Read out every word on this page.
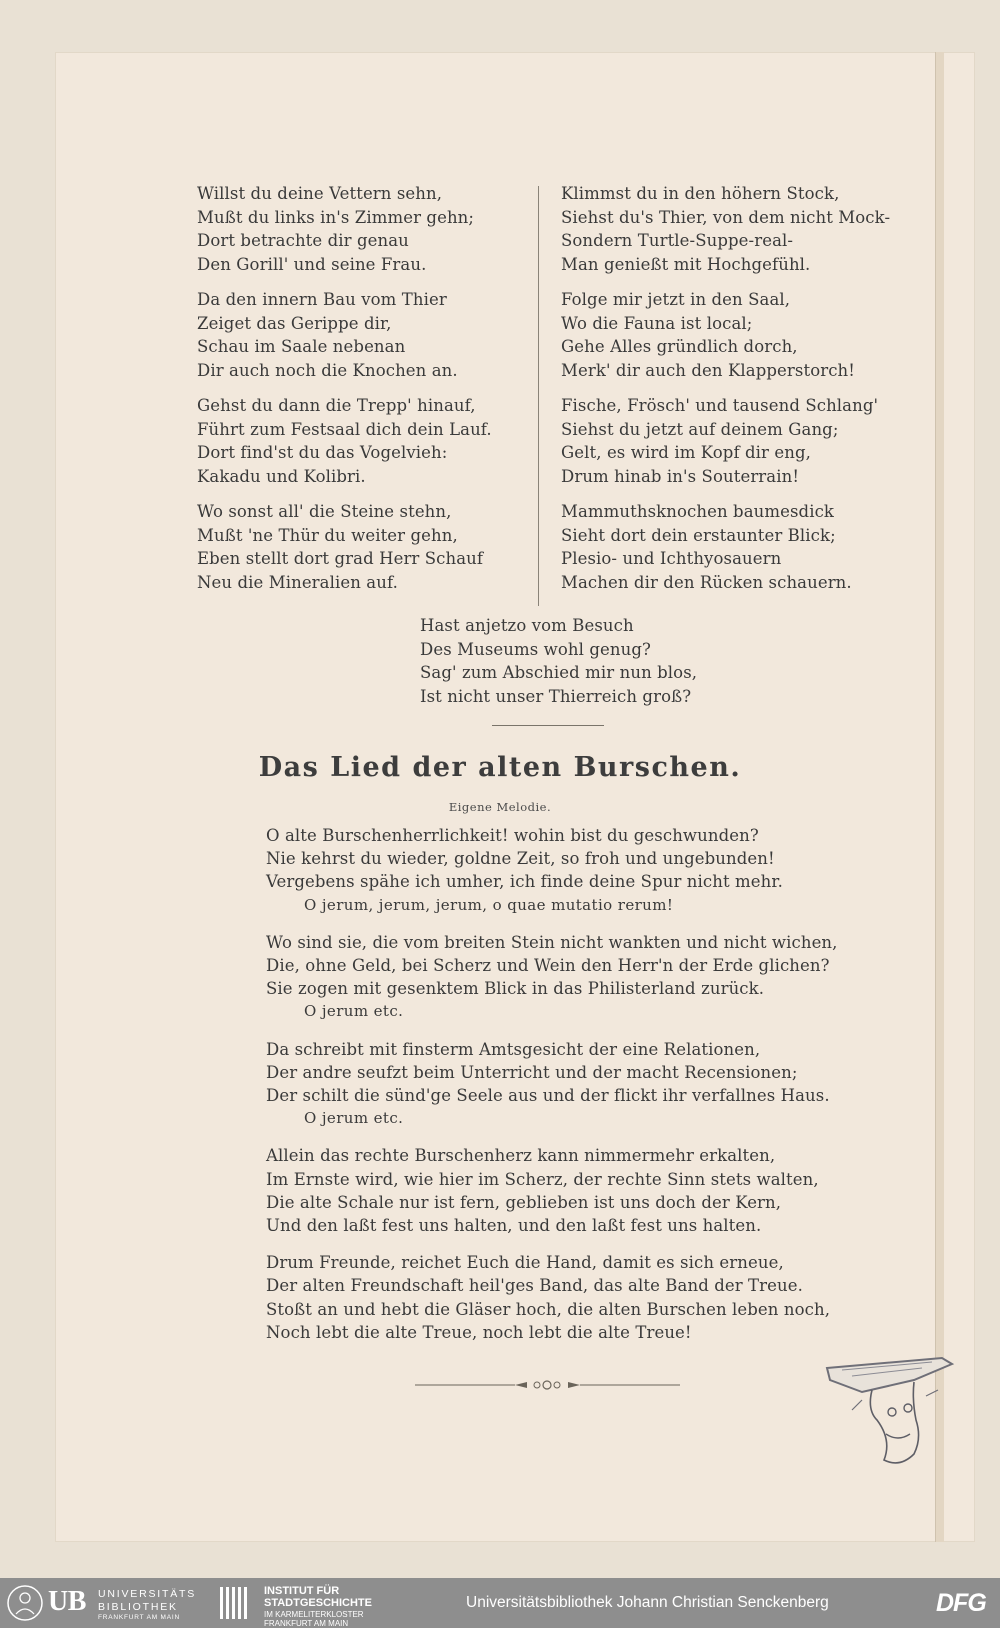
Willst du deine Vettern sehn,
Mußt du links in's Zimmer gehn;
Dort betrachte dir genau
Den Gorill' und seine Frau.
Da den innern Bau vom Thier
Zeiget das Gerippe dir,
Schau im Saale nebenan
Dir auch noch die Knochen an.
Gehst du dann die Trepp' hinauf,
Führt zum Festsaal dich dein Lauf.
Dort find'st du das Vogelvieh:
Kakadu und Kolibri.
Wo sonst all' die Steine stehn,
Mußt 'ne Thür du weiter gehn,
Eben stellt dort grad Herr Schauf
Neu die Mineralien auf.
Klimmst du in den höhern Stock,
Siehst du's Thier, von dem nicht Mock-
Sondern Turtle-Suppe-real-
Man genießt mit Hochgefühl.
Folge mir jetzt in den Saal,
Wo die Fauna ist local;
Gehe Alles gründlich dorch,
Merk' dir auch den Klapperstorch!
Fische, Frösch' und tausend Schlang'
Siehst du jetzt auf deinem Gang;
Gelt, es wird im Kopf dir eng,
Drum hinab in's Souterrain!
Mammuthsknochen baumesdick
Sieht dort dein erstaunter Blick;
Plesio- und Ichthyosauern
Machen dir den Rücken schauern.
Hast anjetzo vom Besuch
Des Museums wohl genug?
Sag' zum Abschied mir nun blos,
Ist nicht unser Thierreich groß?
Das Lied der alten Burschen.
Eigene Melodie.
O alte Burschenherrlichkeit! wohin bist du geschwunden?
Nie kehrst du wieder, goldne Zeit, so froh und ungebunden!
Vergebens spähe ich umher, ich finde deine Spur nicht mehr.
O jerum, jerum, jerum, o quae mutatio rerum!
Wo sind sie, die vom breiten Stein nicht wankten und nicht wichen,
Die, ohne Geld, bei Scherz und Wein den Herr'n der Erde glichen?
Sie zogen mit gesenktem Blick in das Philisterland zurück.
O jerum etc.
Da schreibt mit finsterm Amtsgesicht der eine Relationen,
Der andre seufzt beim Unterricht und der macht Recensionen;
Der schilt die sünd'ge Seele aus und der flickt ihr verfallnes Haus.
O jerum etc.
Allein das rechte Burschenherz kann nimmermehr erkalten,
Im Ernste wird, wie hier im Scherz, der rechte Sinn stets walten,
Die alte Schale nur ist fern, geblieben ist uns doch der Kern,
Und den laßt fest uns halten, und den laßt fest uns halten.
Drum Freunde, reichet Euch die Hand, damit es sich erneue,
Der alten Freundschaft heil'ges Band, das alte Band der Treue.
Stoßt an und hebt die Gläser hoch, die alten Burschen leben noch,
Noch lebt die alte Treue, noch lebt die alte Treue!
UB UNIVERSITÄTS
BIBLIOTHEK
FRANKFURT AM MAIN
INSTITUT FÜR
STADTGESCHICHTE
IM KARMELITERKLOSTER
FRANKFURT AM MAIN
Universitätsbibliothek Johann Christian Senckenberg	DFG
